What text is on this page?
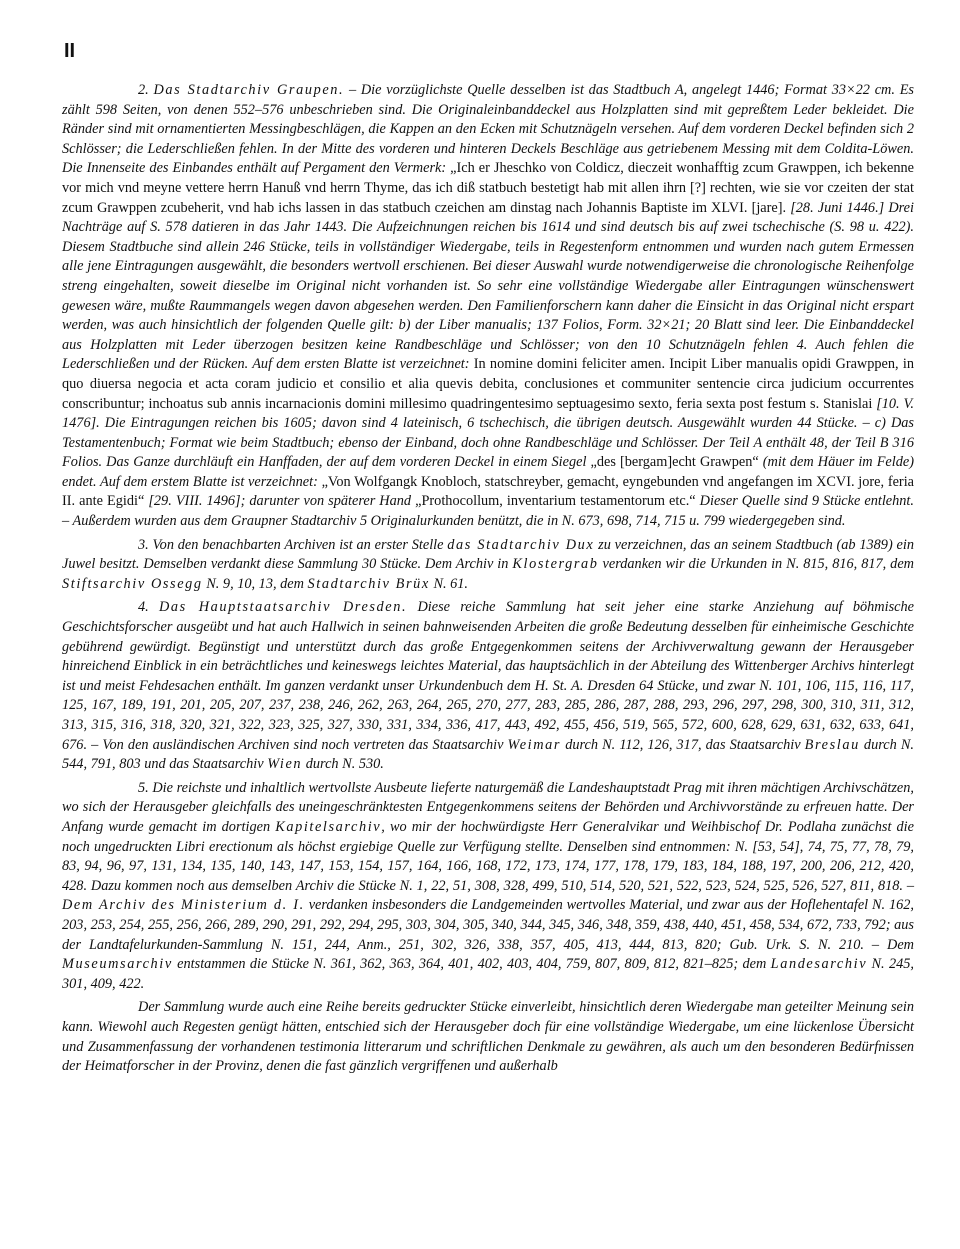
II

2. Das Stadtarchiv Graupen. – Die vorzüglichste Quelle desselben ist das Stadtbuch A, angelegt 1446; Format 33×22 cm. Es zählt 598 Seiten, von denen 552–576 unbeschrieben sind. Die Originaleinbanddeckel aus Holzplatten sind mit gepreßtem Leder bekleidet. Die Ränder sind mit ornamentierten Messingbeschlägen, die Kappen an den Ecken mit Schutznägeln versehen. Auf dem vorderen Deckel befinden sich 2 Schlösser; die Lederschließen fehlen. In der Mitte des vorderen und hinteren Deckels Beschläge aus getriebenem Messing mit dem Coldita-Löwen. Die Innenseite des Einbandes enthält auf Pergament den Vermerk: „Ich er Jheschko von Coldicz, dieczeit wonhafftig zcum Grawppen, ich bekenne vor mich vnd meyne vettere herrn Hanuß vnd herrn Thyme, das ich diß statbuch bestetigt hab mit allen ihrn [?] rechten, wie sie vor czeiten der stat zcum Grawppen zcubeherit, vnd hab ichs lassen in das statbuch czeichen am dinstag nach Johannis Baptiste im XLVI. [jare]. [28. Juni 1446.] Drei Nachträge auf S. 578 datieren in das Jahr 1443. Die Aufzeichnungen reichen bis 1614 und sind deutsch bis auf zwei tschechische (S. 98 u. 422). Diesem Stadtbuche sind allein 246 Stücke, teils in vollständiger Wiedergabe, teils in Regestenform entnommen und wurden nach gutem Ermessen alle jene Eintragungen ausgewählt, die besonders wertvoll erschienen. Bei dieser Auswahl wurde notwendigerweise die chronologische Reihenfolge streng eingehalten, soweit dieselbe im Original nicht vorhanden ist. So sehr eine vollständige Wiedergabe aller Eintragungen wünschenswert gewesen wäre, mußte Raummangels wegen davon abgesehen werden. Den Familienforschern kann daher die Einsicht in das Original nicht erspart werden, was auch hinsichtlich der folgenden Quelle gilt: b) der Liber manualis; 137 Folios, Form. 32×21; 20 Blatt sind leer. Die Einbanddeckel aus Holzplatten mit Leder überzogen besitzen keine Randbeschläge und Schlösser; von den 10 Schutznägeln fehlen 4. Auch fehlen die Lederschließen und der Rücken. Auf dem ersten Blatte ist verzeichnet: In nomine domini feliciter amen. Incipit Liber manualis opidi Grawppen, in quo diuersa negocia et acta coram judicio et consilio et alia quevis debita, conclusiones et communiter sentencie circa judicium occurrentes conscribuntur; inchoatus sub annis incarnacionis domini millesimo quadringentesimo septuagesimo sexto, feria sexta post festum s. Stanislai [10. V. 1476]. Die Eintragungen reichen bis 1605; davon sind 4 lateinisch, 6 tschechisch, die übrigen deutsch. Ausgewählt wurden 44 Stücke. – c) Das Testamentenbuch; Format wie beim Stadtbuch; ebenso der Einband, doch ohne Randbeschläge und Schlösser. Der Teil A enthält 48, der Teil B 316 Folios. Das Ganze durchläuft ein Hanffaden, der auf dem vorderen Deckel in einem Siegel „des [bergam]echt Grawpen“ (mit dem Häuer im Felde) endet. Auf dem erstem Blatte ist verzeichnet: „Von Wolfgangk Knobloch, statschreyber, gemacht, eyngebunden vnd angefangen im XCVI. jore, feria II. ante Egidi“ [29. VIII. 1496]; darunter von späterer Hand „Prothocollum, inventarium testamentorum etc.“ Dieser Quelle sind 9 Stücke entlehnt. – Außerdem wurden aus dem Graupner Stadtarchiv 5 Originalurkunden benützt, die in N. 673, 698, 714, 715 u. 799 wiedergegeben sind.

3. Von den benachbarten Archiven ist an erster Stelle das Stadtarchiv Dux zu verzeichnen, das an seinem Stadtbuch (ab 1389) ein Juwel besitzt. Demselben verdankt diese Sammlung 30 Stücke. Dem Archiv in Klostergrab verdanken wir die Urkunden in N. 815, 816, 817, dem Stiftsarchiv Ossegg N. 9, 10, 13, dem Stadtarchiv Brüx N. 61.

4. Das Hauptstaatsarchiv Dresden. Diese reiche Sammlung hat seit jeher eine starke Anziehung auf böhmische Geschichtsforscher ausgeübt und hat auch Hallwich in seinen bahnweisenden Arbeiten die große Bedeutung desselben für einheimische Geschichte gebührend gewürdigt. Begünstigt und unterstützt durch das große Entgegenkommen seitens der Archivverwaltung gewann der Herausgeber hinreichend Einblick in ein beträchtliches und keineswegs leichtes Material, das hauptsächlich in der Abteilung des Wittenberger Archivs hinterlegt ist und meist Fehdesachen enthält. Im ganzen verdankt unser Urkundenbuch dem H. St. A. Dresden 64 Stücke, und zwar N. 101, 106, 115, 116, 117, 125, 167, 189, 191, 201, 205, 207, 237, 238, 246, 262, 263, 264, 265, 270, 277, 283, 285, 286, 287, 288, 293, 296, 297, 298, 300, 310, 311, 312, 313, 315, 316, 318, 320, 321, 322, 323, 325, 327, 330, 331, 334, 336, 417, 443, 492, 455, 456, 519, 565, 572, 600, 628, 629, 631, 632, 633, 641, 676. – Von den ausländischen Archiven sind noch vertreten das Staatsarchiv Weimar durch N. 112, 126, 317, das Staatsarchiv Breslau durch N. 544, 791, 803 und das Staatsarchiv Wien durch N. 530.

5. Die reichste und inhaltlich wertvollste Ausbeute lieferte naturgemäß die Landeshauptstadt Prag mit ihren mächtigen Archivschätzen, wo sich der Herausgeber gleichfalls des uneingeschränktesten Entgegenkommens seitens der Behörden und Archivvorstände zu erfreuen hatte. Der Anfang wurde gemacht im dortigen Kapitelsarchiv, wo mir der hochwürdigste Herr Generalvikar und Weihbischof Dr. Podlaha zunächst die noch ungedruckten Libri erectionum als höchst ergiebige Quelle zur Verfügung stellte. Denselben sind entnommen: N. [53, 54], 74, 75, 77, 78, 79, 83, 94, 96, 97, 131, 134, 135, 140, 143, 147, 153, 154, 157, 164, 166, 168, 172, 173, 174, 177, 178, 179, 183, 184, 188, 197, 200, 206, 212, 420, 428. Dazu kommen noch aus demselben Archiv die Stücke N. 1, 22, 51, 308, 328, 499, 510, 514, 520, 521, 522, 523, 524, 525, 526, 527, 811, 818. – Dem Archiv des Ministerium d. I. verdanken insbesonders die Landgemeinden wertvolles Material, und zwar aus der Hoflehentafel N. 162, 203, 253, 254, 255, 256, 266, 289, 290, 291, 292, 294, 295, 303, 304, 305, 340, 344, 345, 346, 348, 359, 438, 440, 451, 458, 534, 672, 733, 792; aus der Landtafelurkunden-Sammlung N. 151, 244, Anm., 251, 302, 326, 338, 357, 405, 413, 444, 813, 820; Gub. Urk. S. N. 210. – Dem Museumsarchiv entstammen die Stücke N. 361, 362, 363, 364, 401, 402, 403, 404, 759, 807, 809, 812, 821–825; dem Landesarchiv N. 245, 301, 409, 422.

Der Sammlung wurde auch eine Reihe bereits gedruckter Stücke einverleibt, hinsichtlich deren Wiedergabe man geteilter Meinung sein kann. Wiewohl auch Regesten genügt hätten, entschied sich der Herausgeber doch für eine vollständige Wiedergabe, um eine lückenlose Übersicht und Zusammenfassung der vorhandenen testimonia litterarum und schriftlichen Denkmale zu gewähren, als auch um den besonderen Bedürfnissen der Heimatforscher in der Provinz, denen die fast gänzlich vergriffenen und außerhalb
